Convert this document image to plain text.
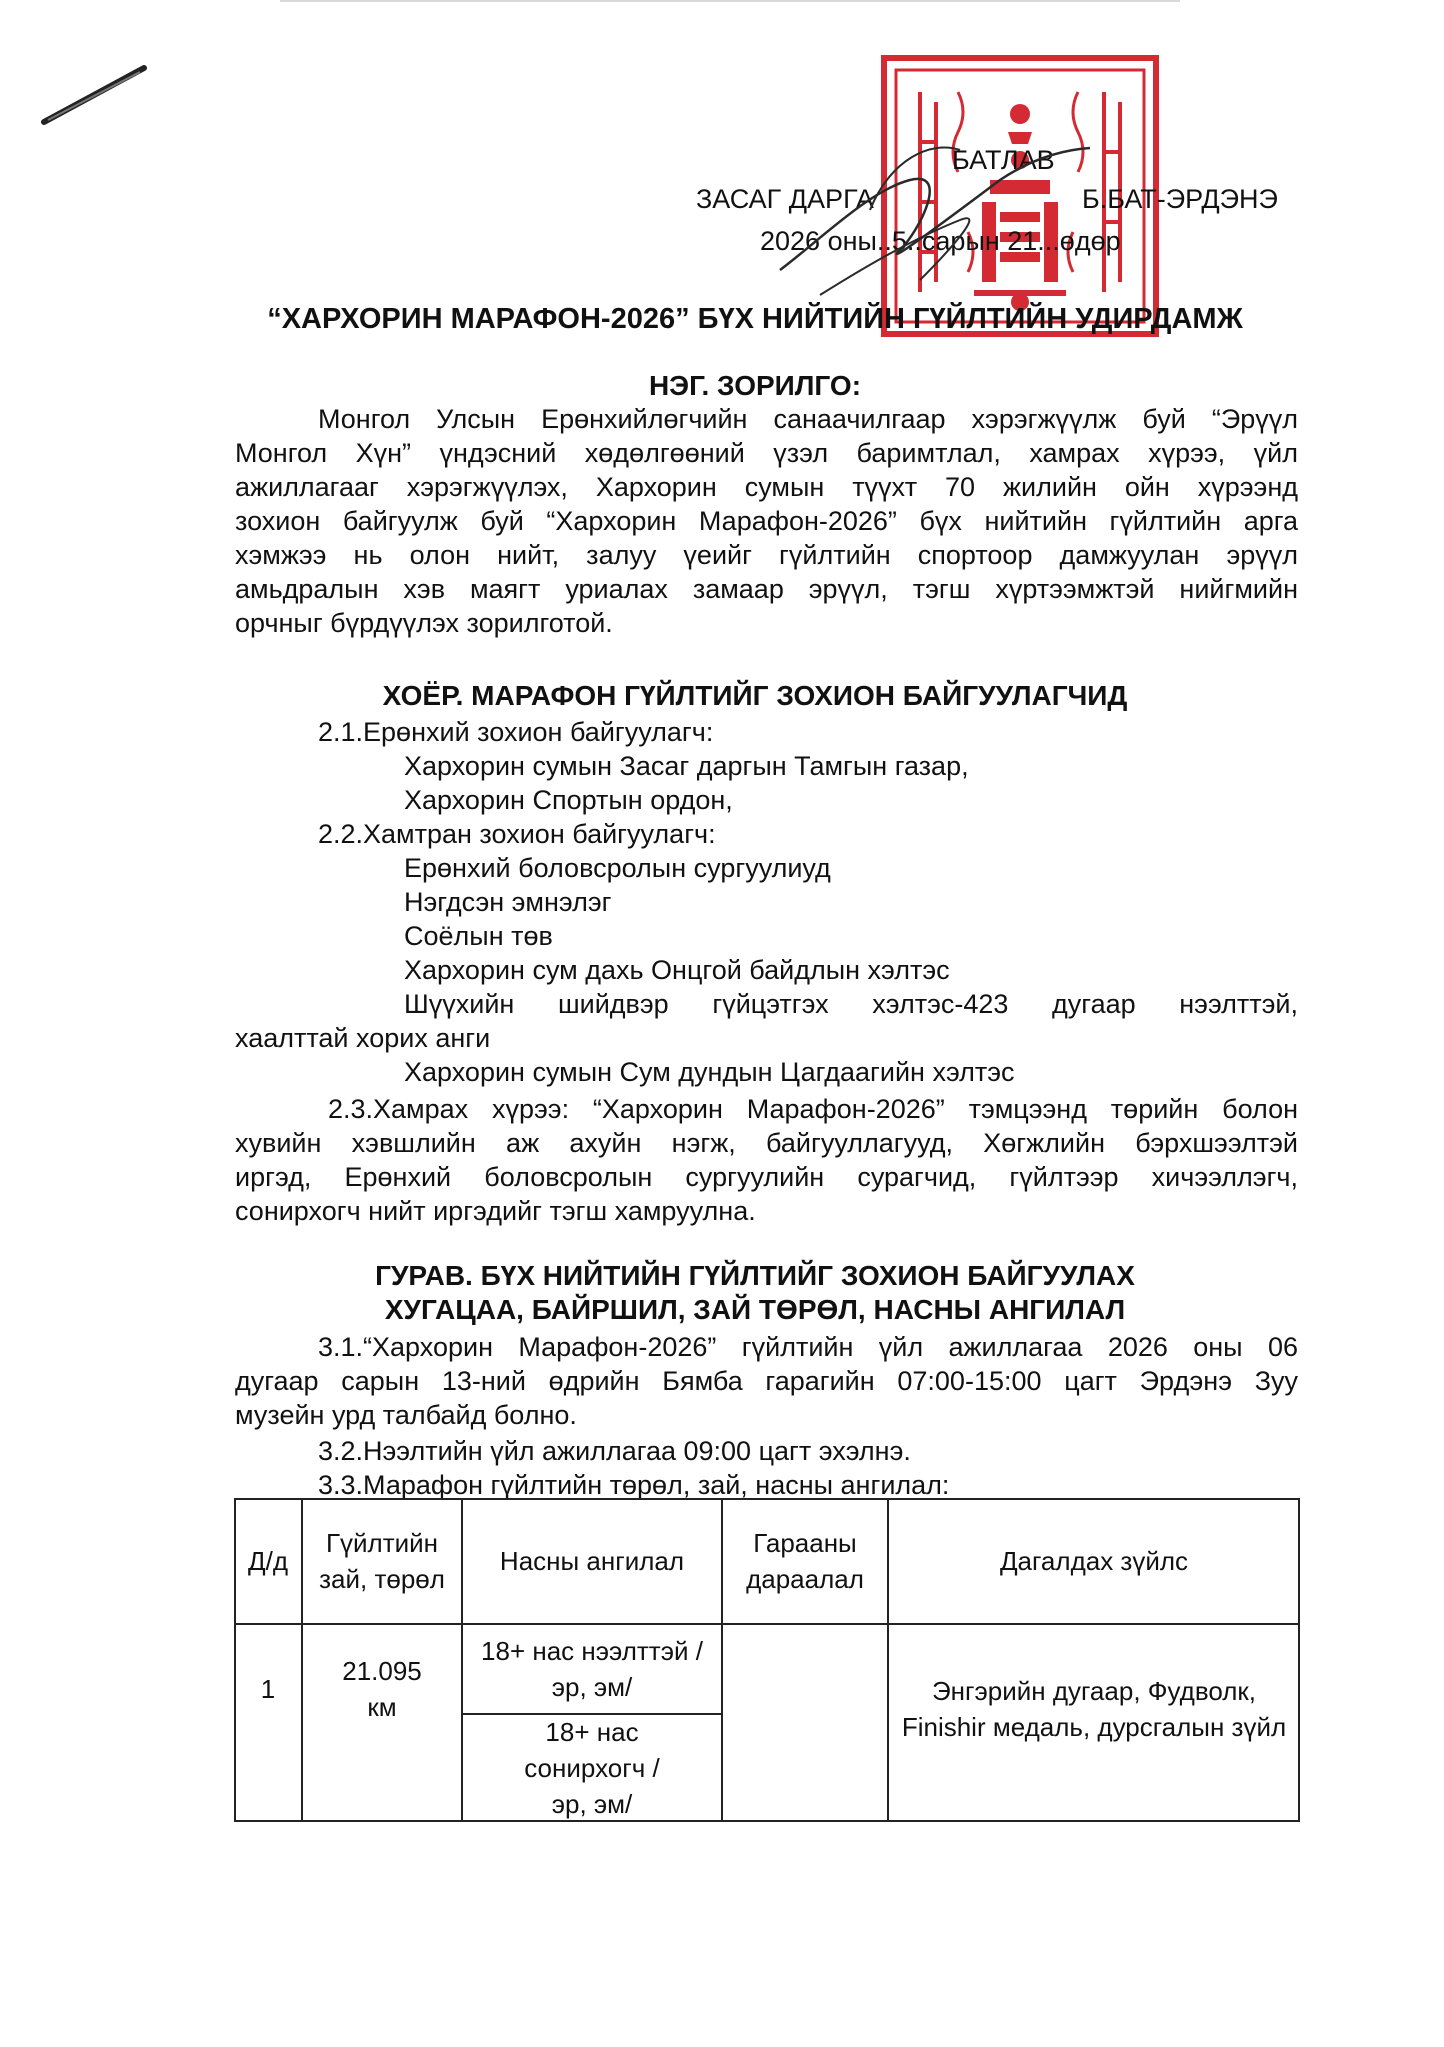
БАТЛАВ
ЗАСАГ ДАРГА	Б.БАТ-ЭРДЭНЭ
2026 оны..5..сарын 21...өдөр
“ХАРХОРИН МАРАФОН-2026” БҮХ НИЙТИЙН ГҮЙЛТИЙН УДИРДАМЖ
НЭГ. ЗОРИЛГО:
Монгол Улсын Ерөнхийлөгчийн санаачилгаар хэрэгжүүлж буй “Эрүүл
Монгол Хүн” үндэсний хөдөлгөөний үзэл баримтлал, хамрах хүрээ, үйл
ажиллагааг хэрэгжүүлэх, Хархорин сумын түүхт 70 жилийн ойн хүрээнд
зохион байгуулж буй “Хархорин Марафон-2026” бүх нийтийн гүйлтийн арга
хэмжээ нь олон нийт, залуу үеийг гүйлтийн спортоор дамжуулан эрүүл
амьдралын хэв маягт уриалах замаар эрүүл, тэгш хүртээмжтэй нийгмийн
орчныг бүрдүүлэх зорилготой.
ХОЁР. МАРАФОН ГҮЙЛТИЙГ ЗОХИОН БАЙГУУЛАГЧИД
2.1.Ерөнхий зохион байгуулагч:
Хархорин сумын Засаг даргын Тамгын газар,
Хархорин Спортын ордон,
2.2.Хамтран зохион байгуулагч:
Ерөнхий боловсролын сургуулиуд
Нэгдсэн эмнэлэг
Соёлын төв
Хархорин сум дахь Онцгой байдлын хэлтэс
Шүүхийн шийдвэр гүйцэтгэх хэлтэс-423 дугаар нээлттэй,
хаалттай хорих анги
Хархорин сумын Сум дундын Цагдаагийн хэлтэс
2.3.Хамрах хүрээ: “Хархорин Марафон-2026” тэмцээнд төрийн болон
хувийн хэвшлийн аж ахуйн нэгж, байгууллагууд, Хөгжлийн бэрхшээлтэй
иргэд, Ерөнхий боловсролын сургуулийн сурагчид, гүйлтээр хичээллэгч,
сонирхогч нийт иргэдийг тэгш хамруулна.
ГУРАВ. БҮХ НИЙТИЙН ГҮЙЛТИЙГ ЗОХИОН БАЙГУУЛАХ
ХУГАЦАА, БАЙРШИЛ, ЗАЙ ТӨРӨЛ, НАСНЫ АНГИЛАЛ
3.1.“Хархорин Марафон-2026” гүйлтийн үйл ажиллагаа 2026 оны 06
дугаар сарын 13-ний өдрийн Бямба гарагийн 07:00-15:00 цагт Эрдэнэ Зуу
музейн урд талбайд болно.
3.2.Нээлтийн үйл ажиллагаа 09:00 цагт эхэлнэ.
3.3.Марафон гүйлтийн төрөл, зай, насны ангилал:
Д/д
Гүйлтийн зай, төрөл
Насны ангилал
Гарааны дараалал
Дагалдах зүйлс
1
21.095 км
18+ нас нээлттэй /эр, эм/
18+ нас сонирхогч /эр, эм/
Энгэрийн дугаар, Фудволк, Finishir медаль, дурсгалын зүйл
